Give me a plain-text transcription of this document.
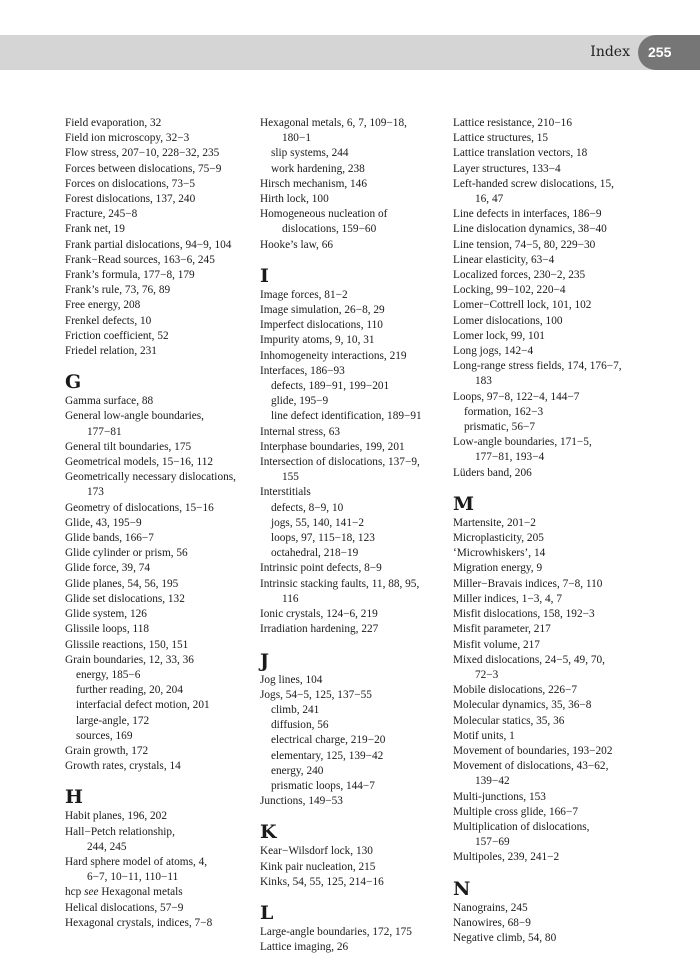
Index 255
Field evaporation, 32
Field ion microscopy, 32−3
Flow stress, 207−10, 228−32, 235
Forces between dislocations, 75−9
Forces on dislocations, 73−5
Forest dislocations, 137, 240
Fracture, 245−8
Frank net, 19
Frank partial dislocations, 94−9, 104
Frank−Read sources, 163−6, 245
Frank’s formula, 177−8, 179
Frank’s rule, 73, 76, 89
Free energy, 208
Frenkel defects, 10
Friction coefficient, 52
Friedel relation, 231
G
Gamma surface, 88
General low-angle boundaries,
177−81
General tilt boundaries, 175
Geometrical models, 15−16, 112
Geometrically necessary dislocations,
173
Geometry of dislocations, 15−16
Glide, 43, 195−9
Glide bands, 166−7
Glide cylinder or prism, 56
Glide force, 39, 74
Glide planes, 54, 56, 195
Glide set dislocations, 132
Glide system, 126
Glissile loops, 118
Glissile reactions, 150, 151
Grain boundaries, 12, 33, 36
energy, 185−6
further reading, 20, 204
interfacial defect motion, 201
large-angle, 172
sources, 169
Grain growth, 172
Growth rates, crystals, 14
H
Habit planes, 196, 202
Hall−Petch relationship,
244, 245
Hard sphere model of atoms, 4,
6−7, 10−11, 110−11
hcp see Hexagonal metals
Helical dislocations, 57−9
Hexagonal crystals, indices, 7−8
Hexagonal metals, 6, 7, 109−18,
180−1
slip systems, 244
work hardening, 238
Hirsch mechanism, 146
Hirth lock, 100
Homogeneous nucleation of
dislocations, 159−60
Hooke’s law, 66
I
Image forces, 81−2
Image simulation, 26−8, 29
Imperfect dislocations, 110
Impurity atoms, 9, 10, 31
Inhomogeneity interactions, 219
Interfaces, 186−93
defects, 189−91, 199−201
glide, 195−9
line defect identification, 189−91
Internal stress, 63
Interphase boundaries, 199, 201
Intersection of dislocations, 137−9,
155
Interstitials
defects, 8−9, 10
jogs, 55, 140, 141−2
loops, 97, 115−18, 123
octahedral, 218−19
Intrinsic point defects, 8−9
Intrinsic stacking faults, 11, 88, 95,
116
Ionic crystals, 124−6, 219
Irradiation hardening, 227
J
Jog lines, 104
Jogs, 54−5, 125, 137−55
climb, 241
diffusion, 56
electrical charge, 219−20
elementary, 125, 139−42
energy, 240
prismatic loops, 144−7
Junctions, 149−53
K
Kear−Wilsdorf lock, 130
Kink pair nucleation, 215
Kinks, 54, 55, 125, 214−16
L
Large-angle boundaries, 172, 175
Lattice imaging, 26
Lattice resistance, 210−16
Lattice structures, 15
Lattice translation vectors, 18
Layer structures, 133−4
Left-handed screw dislocations, 15,
16, 47
Line defects in interfaces, 186−9
Line dislocation dynamics, 38−40
Line tension, 74−5, 80, 229−30
Linear elasticity, 63−4
Localized forces, 230−2, 235
Locking, 99−102, 220−4
Lomer−Cottrell lock, 101, 102
Lomer dislocations, 100
Lomer lock, 99, 101
Long jogs, 142−4
Long-range stress fields, 174, 176−7,
183
Loops, 97−8, 122−4, 144−7
formation, 162−3
prismatic, 56−7
Low-angle boundaries, 171−5,
177−81, 193−4
Lüders band, 206
M
Martensite, 201−2
Microplasticity, 205
‘Microwhiskers’, 14
Migration energy, 9
Miller−Bravais indices, 7−8, 110
Miller indices, 1−3, 4, 7
Misfit dislocations, 158, 192−3
Misfit parameter, 217
Misfit volume, 217
Mixed dislocations, 24−5, 49, 70,
72−3
Mobile dislocations, 226−7
Molecular dynamics, 35, 36−8
Molecular statics, 35, 36
Motif units, 1
Movement of boundaries, 193−202
Movement of dislocations, 43−62,
139−42
Multi-junctions, 153
Multiple cross glide, 166−7
Multiplication of dislocations,
157−69
Multipoles, 239, 241−2
N
Nanograins, 245
Nanowires, 68−9
Negative climb, 54, 80
